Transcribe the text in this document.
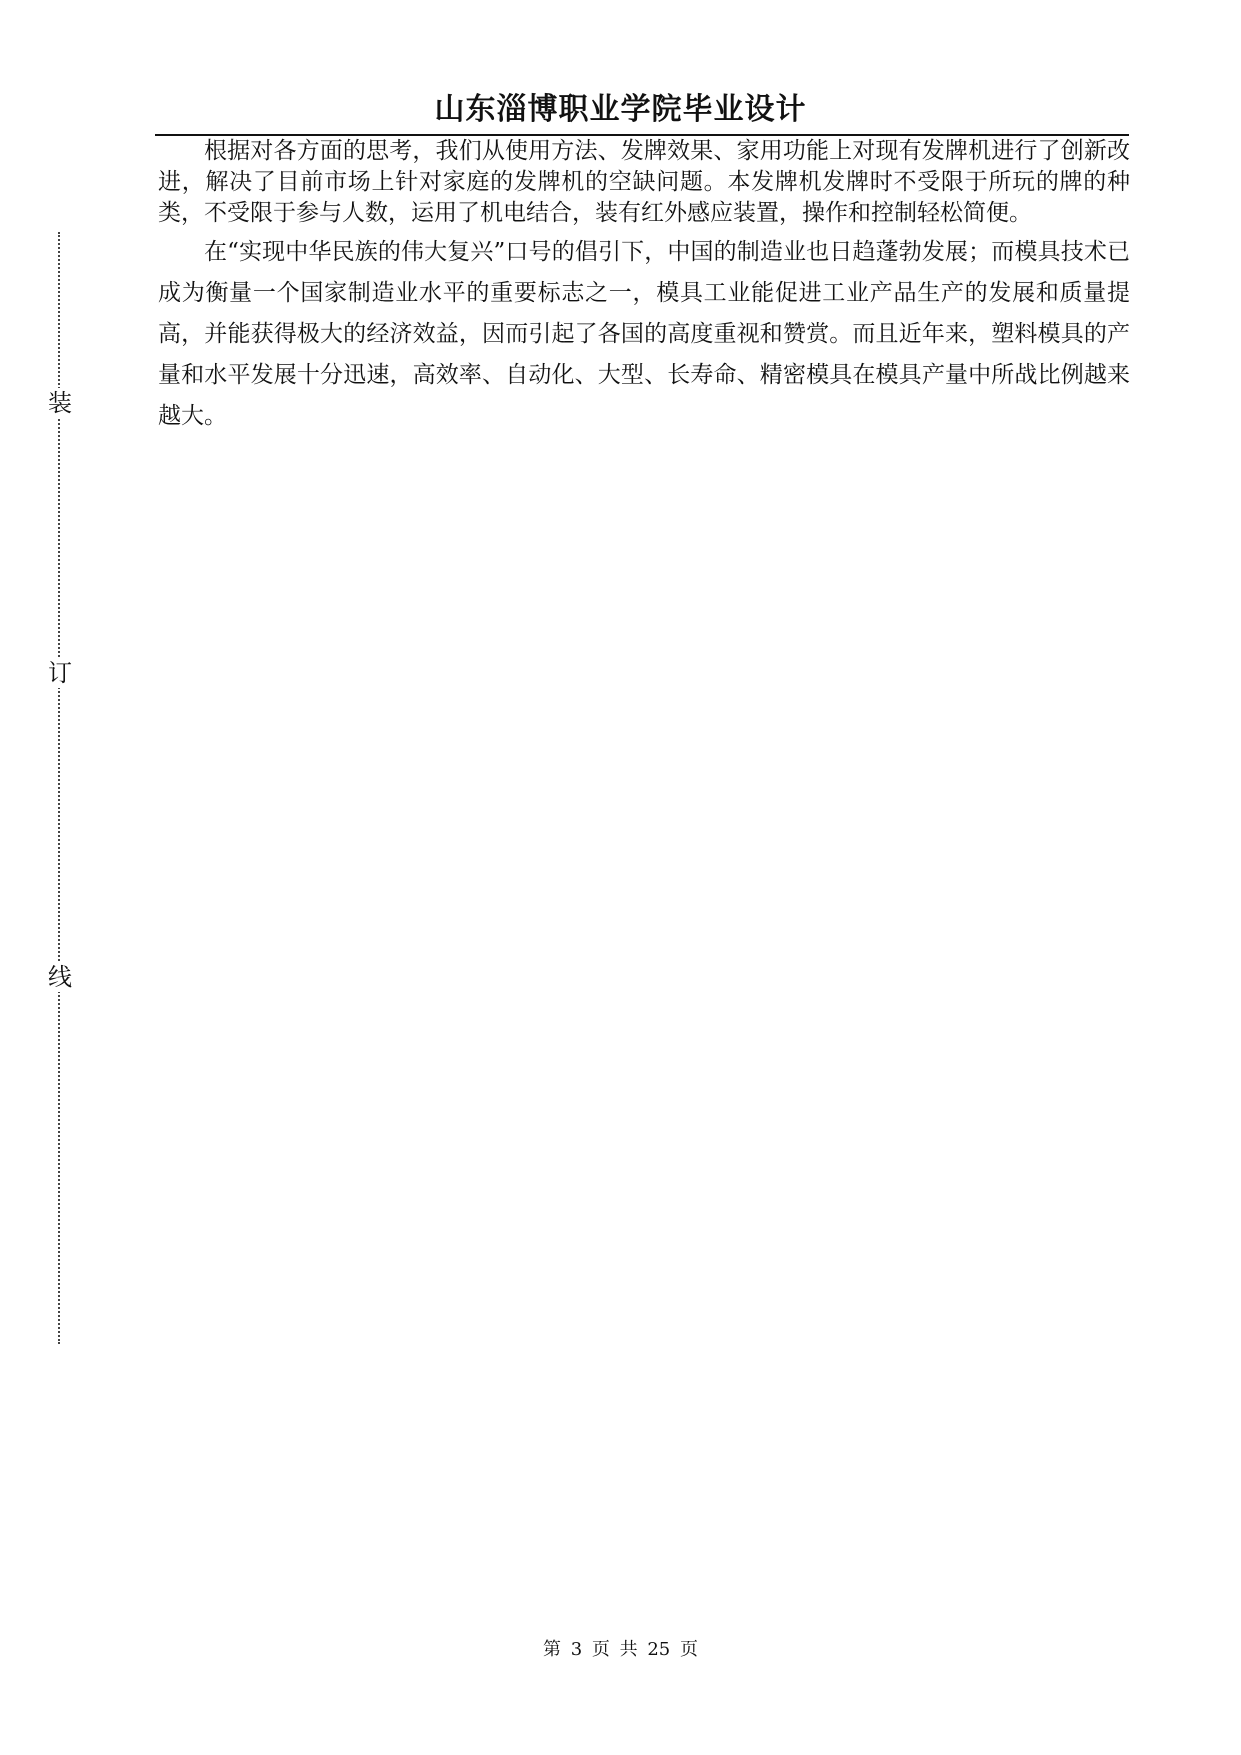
山东淄博职业学院毕业设计
装
订
线

根据对各方面的思考，我们从使用方法、发牌效果、家用功能上对现有发牌机进行了创新改进，解决了目前市场上针对家庭的发牌机的空缺问题。本发牌机发牌时不受限于所玩的牌的种类，不受限于参与人数，运用了机电结合，装有红外感应装置，操作和控制轻松简便。

在“实现中华民族的伟大复兴”口号的倡引下，中国的制造业也日趋蓬勃发展；而模具技术已成为衡量一个国家制造业水平的重要标志之一，模具工业能促进工业产品生产的发展和质量提高，并能获得极大的经济效益，因而引起了各国的高度重视和赞赏。而且近年来，塑料模具的产量和水平发展十分迅速，高效率、自动化、大型、长寿命、精密模具在模具产量中所战比例越来越大。

第 3 页 共 25 页
